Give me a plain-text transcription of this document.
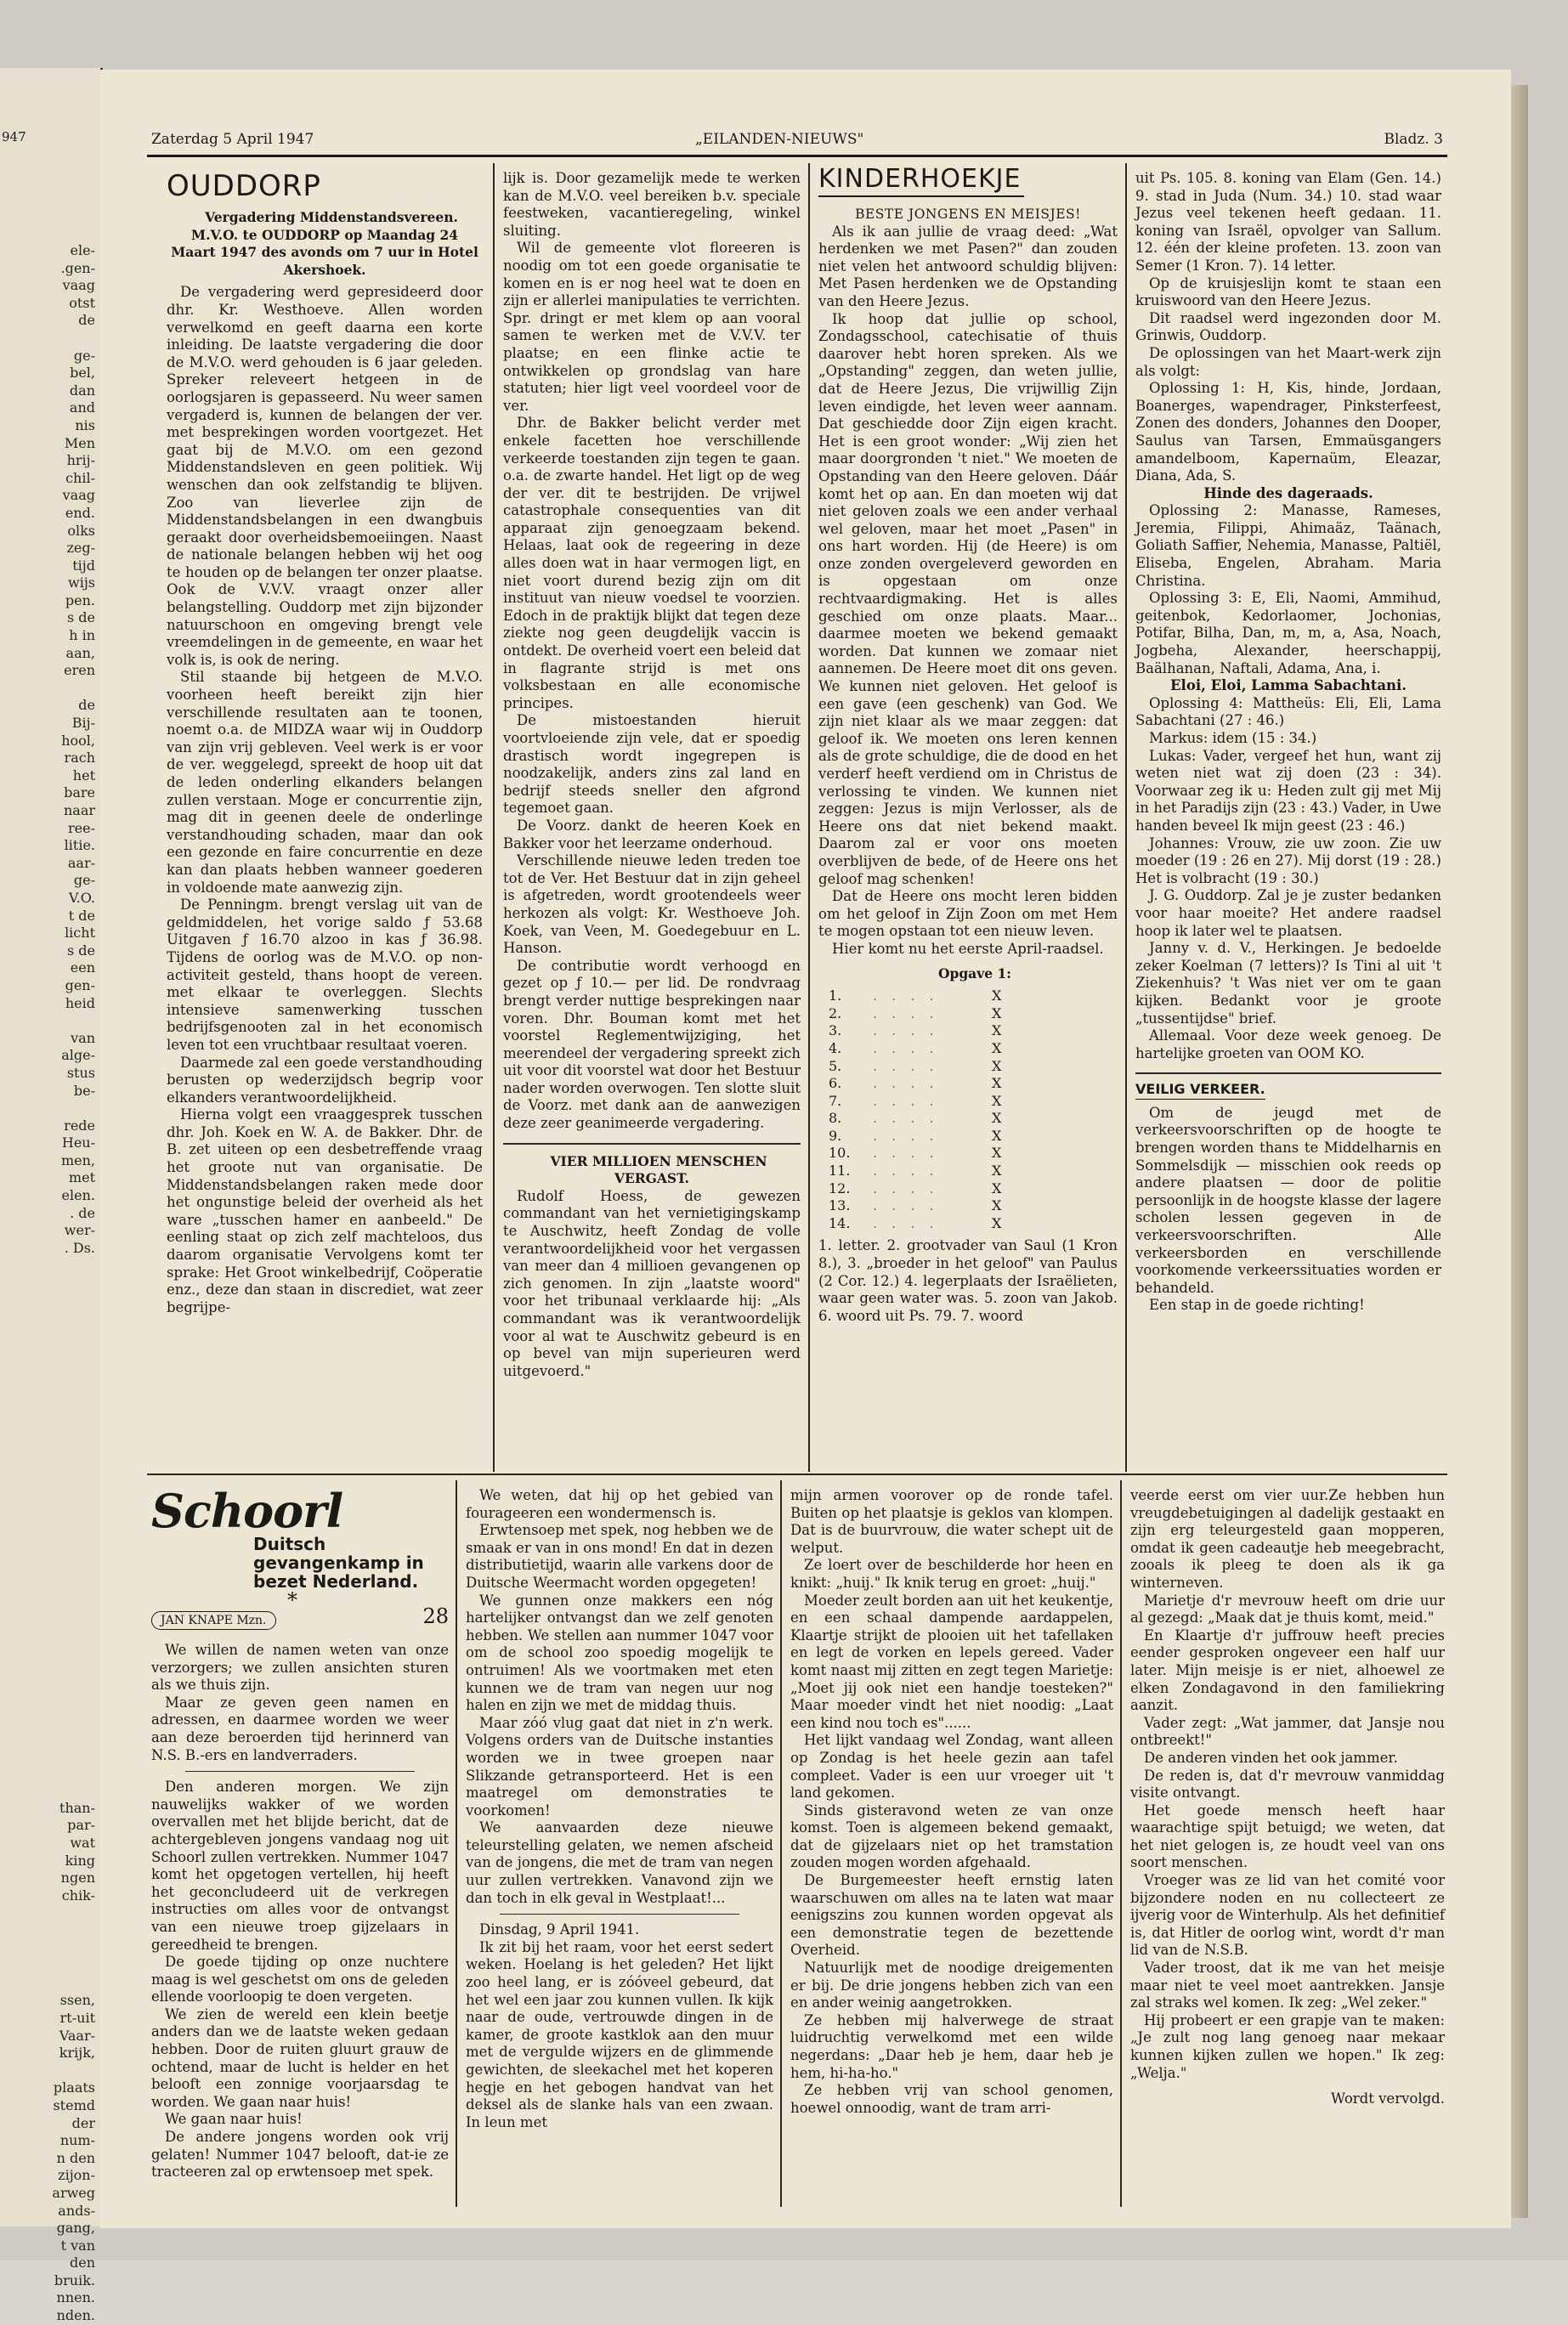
947
ele-
.gen-
vaag
otst
de

ge-
bel,
dan
and
nis
Men
hrij-
chil-
vaag
end.
olks
zeg-
tijd
wijs
pen.
s de
h in
aan,
eren

de
Bij-
hool,
rach
het
bare
naar
ree-
litie.
aar-
ge-
V.O.
t de
licht
s de
een
gen-
heid

van
alge-
stus
be-

rede
Heu-
men,
met
elen.
. de
wer-
. Ds.

than-
par-
wat
king
ngen
chik-

ssen,
rt-uit
Vaar-
krijk,

plaats
stemd
der
num-
n den
zijon-
arweg
ands-
gang,
t van
den
bruik.
nnen.
nden.
Zaterdag 5 April 1947	„EILANDEN-NIEUWS"	Bladz. 3
OUDDORP

Vergadering Middenstandsvereen. M.V.O. te OUDDORP op Maandag 24 Maart 1947 des avonds om 7 uur in Hotel Akershoek.

De vergadering werd gepresideerd door dhr. Kr. Westhoeve. Allen worden verwelkomd en geeft daarna een korte inleiding. De laatste vergadering die door de M.V.O. werd gehouden is 6 jaar geleden. Spreker releveert hetgeen in de oorlogsjaren is gepasseerd. Nu weer samen vergaderd is, kunnen de belangen der ver. met besprekingen worden voortgezet. Het gaat bij de M.V.O. om een gezond Middenstandsleven en geen politiek. Wij wenschen dan ook zelfstandig te blijven. Zoo van lieverlee zijn de Middenstandsbelangen in een dwangbuis geraakt door overheidsbemoeiingen. Naast de nationale belangen hebben wij het oog te houden op de belangen ter onzer plaatse. Ook de V.V.V. vraagt onzer aller belangstelling. Ouddorp met zijn bijzonder natuurschoon en omgeving brengt vele vreemdelingen in de gemeente, en waar het volk is, is ook de nering.

Stil staande bij hetgeen de M.V.O. voorheen heeft bereikt zijn hier verschillende resultaten aan te toonen, noemt o.a. de MIDZA waar wij in Ouddorp van zijn vrij gebleven. Veel werk is er voor de ver. weggelegd, spreekt de hoop uit dat de leden onderling elkanders belangen zullen verstaan. Moge er concurrentie zijn, mag dit in geenen deele de onderlinge verstandhouding schaden, maar dan ook een gezonde en faire concurrentie en deze kan dan plaats hebben wanneer goederen in voldoende mate aanwezig zijn.

De Penningm. brengt verslag uit van de geldmiddelen, het vorige saldo ƒ 53.68 Uitgaven ƒ 16.70 alzoo in kas ƒ 36.98. Tijdens de oorlog was de M.V.O. op non-activiteit gesteld, thans hoopt de vereen. met elkaar te overleggen. Slechts intensieve samenwerking tusschen bedrijfsgenooten zal in het economisch leven tot een vruchtbaar resultaat voeren.

Daarmede zal een goede verstandhouding berusten op wederzijdsch begrip voor elkanders verantwoordelijkheid.

Hierna volgt een vraaggesprek tusschen dhr. Joh. Koek en W. A. de Bakker. Dhr. de B. zet uiteen op een desbetreffende vraag het groote nut van organisatie. De Middenstandsbelangen raken mede door het ongunstige beleid der overheid als het ware „tusschen hamer en aanbeeld." De eenling staat op zich zelf machteloos, dus daarom organisatie Vervolgens komt ter sprake: Het Groot winkelbedrijf, Coöperatie enz., deze dan staan in discrediet, wat zeer begrijpe-

lijk is. Door gezamelijk mede te werken kan de M.V.O. veel bereiken b.v. speciale feestweken, vacantieregeling, winkel sluiting.

Wil de gemeente vlot floreeren is noodig om tot een goede organisatie te komen en is er nog heel wat te doen en zijn er allerlei manipulaties te verrichten. Spr. dringt er met klem op aan vooral samen te werken met de V.V.V. ter plaatse; en een flinke actie te ontwikkelen op grondslag van hare statuten; hier ligt veel voordeel voor de ver.

Dhr. de Bakker belicht verder met enkele facetten hoe verschillende verkeerde toestanden zijn tegen te gaan. o.a. de zwarte handel. Het ligt op de weg der ver. dit te bestrijden. De vrijwel catastrophale consequenties van dit apparaat zijn genoegzaam bekend. Helaas, laat ook de regeering in deze alles doen wat in haar vermogen ligt, en niet voort durend bezig zijn om dit instituut van nieuw voedsel te voorzien. Edoch in de praktijk blijkt dat tegen deze ziekte nog geen deugdelijk vaccin is ontdekt. De overheid voert een beleid dat in flagrante strijd is met ons volksbestaan en alle economische principes.

De mistoestanden hieruit voortvloeiende zijn vele, dat er spoedig drastisch wordt ingegrepen is noodzakelijk, anders zins zal land en bedrijf steeds sneller den afgrond tegemoet gaan.

De Voorz. dankt de heeren Koek en Bakker voor het leerzame onderhoud.

Verschillende nieuwe leden treden toe tot de Ver. Het Bestuur dat in zijn geheel is afgetreden, wordt grootendeels weer herkozen als volgt: Kr. Westhoeve Joh. Koek, van Veen, M. Goedegebuur en L. Hanson.

De contributie wordt verhoogd en gezet op ƒ 10.— per lid. De rondvraag brengt verder nuttige besprekingen naar voren. Dhr. Bouman komt met het voorstel Reglementwijziging, het meerendeel der vergadering spreekt zich uit voor dit voorstel wat door het Bestuur nader worden overwogen. Ten slotte sluit de Voorz. met dank aan de aanwezigen deze zeer geanimeerde vergadering.

VIER MILLIOEN MENSCHEN VERGAST.

Rudolf Hoess, de gewezen commandant van het vernietigingskamp te Auschwitz, heeft Zondag de volle verantwoordelijkheid voor het vergassen van meer dan 4 millioen gevangenen op zich genomen. In zijn „laatste woord" voor het tribunaal verklaarde hij: „Als commandant was ik verantwoordelijk voor al wat te Auschwitz gebeurd is en op bevel van mijn superieuren werd uitgevoerd."

KINDERHOEKJE

BESTE JONGENS EN MEISJES!

Als ik aan jullie de vraag deed: „Wat herdenken we met Pasen?" dan zouden niet velen het antwoord schuldig blijven: Met Pasen herdenken we de Opstanding van den Heere Jezus.

Ik hoop dat jullie op school, Zondagsschool, catechisatie of thuis daarover hebt horen spreken. Als we „Opstanding" zeggen, dan weten jullie, dat de Heere Jezus, Die vrijwillig Zijn leven eindigde, het leven weer aannam. Dat geschiedde door Zijn eigen kracht. Het is een groot wonder: „Wij zien het maar doorgronden 't niet." We moeten de Opstanding van den Heere geloven. Dáár komt het op aan. En dan moeten wij dat niet geloven zoals we een ander verhaal wel geloven, maar het moet „Pasen" in ons hart worden. Hij (de Heere) is om onze zonden overgeleverd geworden en is opgestaan om onze rechtvaardigmaking. Het is alles geschied om onze plaats. Maar... daarmee moeten we bekend gemaakt worden. Dat kunnen we zomaar niet aannemen. De Heere moet dit ons geven. We kunnen niet geloven. Het geloof is een gave (een geschenk) van God. We zijn niet klaar als we maar zeggen: dat geloof ik. We moeten ons leren kennen als de grote schuldige, die de dood en het verderf heeft verdiend om in Christus de verlossing te vinden. We kunnen niet zeggen: Jezus is mijn Verlosser, als de Heere ons dat niet bekend maakt. Daarom zal er voor ons moeten overblijven de bede, of de Heere ons het geloof mag schenken!

Dat de Heere ons mocht leren bidden om het geloof in Zijn Zoon om met Hem te mogen opstaan tot een nieuw leven.

Hier komt nu het eerste April-raadsel.

Opgave 1:

1.	. . . .	X
2.	. . . .	X
3.	. . . .	X
4.	. . . .	X
5.	. . . .	X
6.	. . . .	X
7.	. . . .	X
8.	. . . .	X
9.	. . . .	X
10.	. . . .	X
11.	. . . .	X
12.	. . . .	X
13.	. . . .	X
14.	. . . .	X

1. letter. 2. grootvader van Saul (1 Kron 8.), 3. „broeder in het geloof" van Paulus (2 Cor. 12.) 4. legerplaats der Israëlieten, waar geen water was. 5. zoon van Jakob. 6. woord uit Ps. 79. 7. woord

uit Ps. 105. 8. koning van Elam (Gen. 14.) 9. stad in Juda (Num. 34.) 10. stad waar Jezus veel tekenen heeft gedaan. 11. koning van Israël, opvolger van Sallum. 12. één der kleine profeten. 13. zoon van Semer (1 Kron. 7). 14 letter.

Op de kruisjeslijn komt te staan een kruiswoord van den Heere Jezus.

Dit raadsel werd ingezonden door M. Grinwis, Ouddorp.

De oplossingen van het Maart-werk zijn als volgt:

Oplossing 1: H, Kis, hinde, Jordaan, Boanerges, wapendrager, Pinksterfeest, Zonen des donders, Johannes den Dooper, Saulus van Tarsen, Emmaüsgangers amandelboom, Kapernaüm, Eleazar, Diana, Ada, S.

Hinde des dageraads.

Oplossing 2: Manasse, Rameses, Jeremia, Filippi, Ahimaäz, Taänach, Goliath Saffier, Nehemia, Manasse, Paltiël, Eliseba, Engelen, Abraham. Maria Christina.

Oplossing 3: E, Eli, Naomi, Ammihud, geitenbok, Kedorlaomer, Jochonias, Potifar, Bilha, Dan, m, m, a, Asa, Noach, Jogbeha, Alexander, heerschappij, Baälhanan, Naftali, Adama, Ana, i.

Eloi, Eloi, Lamma Sabachtani.

Oplossing 4: Mattheüs: Eli, Eli, Lama Sabachtani (27 : 46.)

Markus: idem (15 : 34.)

Lukas: Vader, vergeef het hun, want zij weten niet wat zij doen (23 : 34). Voorwaar zeg ik u: Heden zult gij met Mij in het Paradijs zijn (23 : 43.) Vader, in Uwe handen beveel Ik mijn geest (23 : 46.)

Johannes: Vrouw, zie uw zoon. Zie uw moeder (19 : 26 en 27). Mij dorst (19 : 28.) Het is volbracht (19 : 30.)

J. G. Ouddorp. Zal je je zuster bedanken voor haar moeite? Het andere raadsel hoop ik later wel te plaatsen.

Janny v. d. V., Herkingen. Je bedoelde zeker Koelman (7 letters)? Is Tini al uit 't Ziekenhuis? 't Was niet ver om te gaan kijken. Bedankt voor je groote „tussentijdse" brief.

Allemaal. Voor deze week genoeg. De hartelijke groeten van OOM KO.

VEILIG VERKEER.

Om de jeugd met de verkeersvoorschriften op de hoogte te brengen worden thans te Middelharnis en Sommelsdijk — misschien ook reeds op andere plaatsen — door de politie persoonlijk in de hoogste klasse der lagere scholen lessen gegeven in de verkeersvoorschriften. Alle verkeersborden en verschillende voorkomende verkeerssituaties worden er behandeld.

Een stap in de goede richting!

Schoorl
Duitsch gevangenkamp in
bezet Nederland.
*
JAN KNAPE Mzn.	28

We willen de namen weten van onze verzorgers; we zullen ansichten sturen als we thuis zijn.

Maar ze geven geen namen en adressen, en daarmee worden we weer aan deze beroerden tijd herinnerd van N.S. B.-ers en landverraders.

Den anderen morgen. We zijn nauwelijks wakker of we worden overvallen met het blijde bericht, dat de achtergebleven jongens vandaag nog uit Schoorl zullen vertrekken. Nummer 1047 komt het opgetogen vertellen, hij heeft het geconcludeerd uit de verkregen instructies om alles voor de ontvangst van een nieuwe troep gijzelaars in gereedheid te brengen.

De goede tijding op onze nuchtere maag is wel geschetst om ons de geleden ellende voorloopig te doen vergeten.

We zien de wereld een klein beetje anders dan we de laatste weken gedaan hebben. Door de ruiten gluurt grauw de ochtend, maar de lucht is helder en het belooft een zonnige voorjaarsdag te worden. We gaan naar huis!

We gaan naar huis!

De andere jongens worden ook vrij gelaten! Nummer 1047 belooft, dat-ie ze tracteeren zal op erwtensoep met spek.

We weten, dat hij op het gebied van fourageeren een wondermensch is.

Erwtensoep met spek, nog hebben we de smaak er van in ons mond! En dat in dezen distributietijd, waarin alle varkens door de Duitsche Weermacht worden opgegeten!

We gunnen onze makkers een nóg hartelijker ontvangst dan we zelf genoten hebben. We stellen aan nummer 1047 voor om de school zoo spoedig mogelijk te ontruimen! Als we voortmaken met eten kunnen we de tram van negen uur nog halen en zijn we met de middag thuis.

Maar zóó vlug gaat dat niet in z'n werk. Volgens orders van de Duitsche instanties worden we in twee groepen naar Slikzande getransporteerd. Het is een maatregel om demonstraties te voorkomen!

We aanvaarden deze nieuwe teleurstelling gelaten, we nemen afscheid van de jongens, die met de tram van negen uur zullen vertrekken. Vanavond zijn we dan toch in elk geval in Westplaat!...

Dinsdag, 9 April 1941.

Ik zit bij het raam, voor het eerst sedert weken. Hoelang is het geleden? Het lijkt zoo heel lang, er is zóóveel gebeurd, dat het wel een jaar zou kunnen vullen. Ik kijk naar de oude, vertrouwde dingen in de kamer, de groote kastklok aan den muur met de vergulde wijzers en de glimmende gewichten, de sleekachel met het koperen hegje en het gebogen handvat van het deksel als de slanke hals van een zwaan. In leun met

mijn armen voorover op de ronde tafel. Buiten op het plaatsje is geklos van klompen. Dat is de buurvrouw, die water schept uit de welput.

Ze loert over de beschilderde hor heen en knikt: „huij." Ik knik terug en groet: „huij."

Moeder zeult borden aan uit het keukentje, en een schaal dampende aardappelen, Klaartje strijkt de plooien uit het tafellaken en legt de vorken en lepels gereed. Vader komt naast mij zitten en zegt tegen Marietje: „Moet jij ook niet een handje toesteken?" Maar moeder vindt het niet noodig: „Laat een kind nou toch es"......

Het lijkt vandaag wel Zondag, want alleen op Zondag is het heele gezin aan tafel compleet. Vader is een uur vroeger uit 't land gekomen.

Sinds gisteravond weten ze van onze komst. Toen is algemeen bekend gemaakt, dat de gijzelaars niet op het tramstation zouden mogen worden afgehaald.

De Burgemeester heeft ernstig laten waarschuwen om alles na te laten wat maar eenigszins zou kunnen worden opgevat als een demonstratie tegen de bezettende Overheid.

Natuurlijk met de noodige dreigementen er bij. De drie jongens hebben zich van een en ander weinig aangetrokken.

Ze hebben mij halverwege de straat luidruchtig verwelkomd met een wilde negerdans: „Daar heb je hem, daar heb je hem, hi-ha-ho."

Ze hebben vrij van school genomen, hoewel onnoodig, want de tram arri-

veerde eerst om vier uur.Ze hebben hun vreugdebetuigingen al dadelijk gestaakt en zijn erg teleurgesteld gaan mopperen, omdat ik geen cadeautje heb meegebracht, zooals ik pleeg te doen als ik ga winterneven.

Marietje d'r mevrouw heeft om drie uur al gezegd: „Maak dat je thuis komt, meid."

En Klaartje d'r juffrouw heeft precies eender gesproken ongeveer een half uur later. Mijn meisje is er niet, alhoewel ze elken Zondagavond in den familiekring aanzit.

Vader zegt: „Wat jammer, dat Jansje nou ontbreekt!"

De anderen vinden het ook jammer.

De reden is, dat d'r mevrouw vanmiddag visite ontvangt.

Het goede mensch heeft haar waarachtige spijt betuigd; we weten, dat het niet gelogen is, ze houdt veel van ons soort menschen.

Vroeger was ze lid van het comité voor bijzondere noden en nu collecteert ze ijverig voor de Winterhulp. Als het definitief is, dat Hitler de oorlog wint, wordt d'r man lid van de N.S.B.

Vader troost, dat ik me van het meisje maar niet te veel moet aantrekken. Jansje zal straks wel komen. Ik zeg: „Wel zeker."

Hij probeert er een grapje van te maken: „Je zult nog lang genoeg naar mekaar kunnen kijken zullen we hopen." Ik zeg: „Welja."

Wordt vervolgd.
